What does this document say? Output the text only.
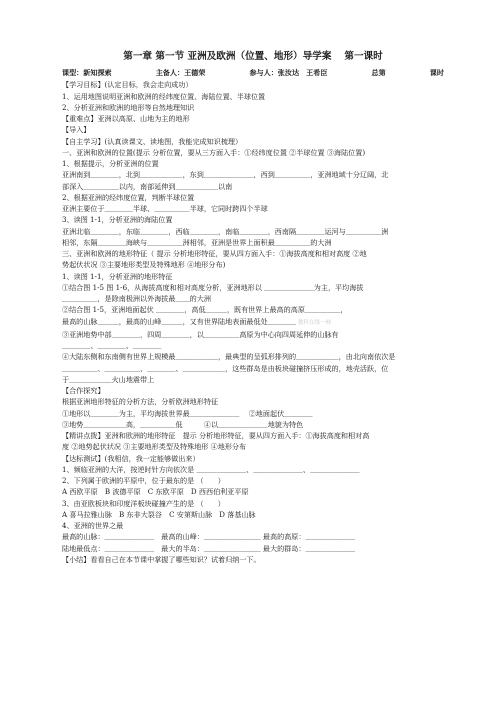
第一章 第一节 亚洲及欧洲（位置、地形）导学案　 第一课时
课型：新知探索	主备人：王德荣	参与人：张汝达　王希臣	总第	课时
【学习目标】(认定目标，我会走向成功）
1、运用地图说明亚洲和欧洲的经纬度位置、海陆位置、半球位置
2、分析亚洲和欧洲的地形等自然地理知识
【重难点】亚洲以高原、山地为主的地形
【导入】
【自主学习】(认真读课文、读地图，我能完成知识梳理）
一、亚洲和欧洲的位置(提示 分析位置，要从三方面入手：①经纬度位置 ②半球位置 ③海陆位置)
1、根据提示，分析亚洲的位置
亚洲南到＿＿＿＿，北到＿＿＿＿＿＿，东到＿＿＿＿＿＿＿，西到＿＿＿＿＿，亚洲地域十分辽阔，北
部深入＿＿＿＿＿以内，南部延伸到＿＿＿＿＿＿以南
2、根据亚洲的经纬度位置，判断半球位置
亚洲主要位于＿＿＿＿半球、＿＿＿＿＿半球，它同时跨四个半球
3、读图 1-1，分析亚洲的海陆位置
亚洲北临＿＿＿＿，东临＿＿＿＿，西临＿＿＿＿，南临＿＿＿＿，西南隔＿＿＿＿运河与＿＿＿＿＿洲
相邻，东隔＿＿＿＿海峡与＿＿＿＿＿洲相邻，亚洲是世界上面积最＿＿＿＿＿的大洲
三、亚洲和欧洲的地形特征（ 提示 分析地形特征，要从四方面入手：①海拔高度和相对高度 ②地
势起伏状况 ③主要地形类型及特殊地形 ④地形分布)
1、读图 1-1，分析亚洲的地形特征
①结合图 1-5 图 1-6，从海拔高度和相对高度分析，亚洲地形以 ＿＿＿＿＿＿＿为主，平均海拔
＿＿＿＿＿，是除南极洲以外海拔最＿＿的大洲
②结合图 1-5，亚洲地面起伏 ＿＿＿＿，高低＿＿＿，既有世界上最高的高原＿＿＿＿＿，
最高的山脉＿＿＿，最高的山峰＿＿＿，又有世界陆地表面最低处＿＿＿＿ 教科在线一网
③亚洲地势中部＿＿＿＿，四周＿＿＿＿，以＿＿＿＿＿高原为中心向四周延伸的山脉有
＿＿＿＿、＿＿＿＿、＿＿＿＿
④大陆东侧和东南侧有世界上规模最＿＿＿＿＿＿，最典型的呈弧形排列的＿＿＿＿＿＿，由北向南依次是
＿＿＿＿＿、＿＿＿＿＿、＿＿＿＿、＿＿＿＿＿＿，这些群岛是由板块碰撞挤压形成的，地壳活跃，位
于＿＿＿＿＿＿火山地震带上
【合作探究】
根据亚洲地形特征的分析方法，分析欧洲地形特征
①地形以＿＿＿＿为主，平均海拔世界最＿＿＿＿＿＿＿　 ②地面起伏＿＿＿＿
③地势＿＿＿＿＿＿高，＿＿＿＿＿低　　　④以＿＿＿＿＿＿＿地貌为特色
【精讲点拨】亚洲和欧洲的地形特征　提示 分析地形特征，要从四方面入手：①海拔高度和相对高
度 ②地势起伏状况 ③主要地形类型及特殊地形 ④地形分布
【达标测试】(我相信，我一定能够做出来）
1、频临亚洲的大洋，按逆时针方向依次是 ＿＿＿＿＿＿＿、＿＿＿＿＿＿＿、＿＿＿＿＿＿＿
2、下列属于欧洲的平原中，位于最东的是 （　　）
A 西欧平原　B 波德平原　C 东欧平原　D 西西伯利亚平原
3、由亚欧板块和印度洋板块碰撞产生的是 （　　）
A 喜马拉雅山脉　B 东非大裂谷　C 安第斯山脉　D 落基山脉
4、亚洲的世界之最
最高的山脉：＿＿＿＿＿＿＿　最高的山峰：＿＿＿＿＿＿＿＿ 最高的高原：＿＿＿＿＿＿＿
陆地最低点：＿＿＿＿＿＿＿　最大的半岛：＿＿＿＿＿＿＿＿ 最大的群岛：＿＿＿＿＿＿＿
【小结】看看自己在本节课中掌握了哪些知识？试着归纳一下。
